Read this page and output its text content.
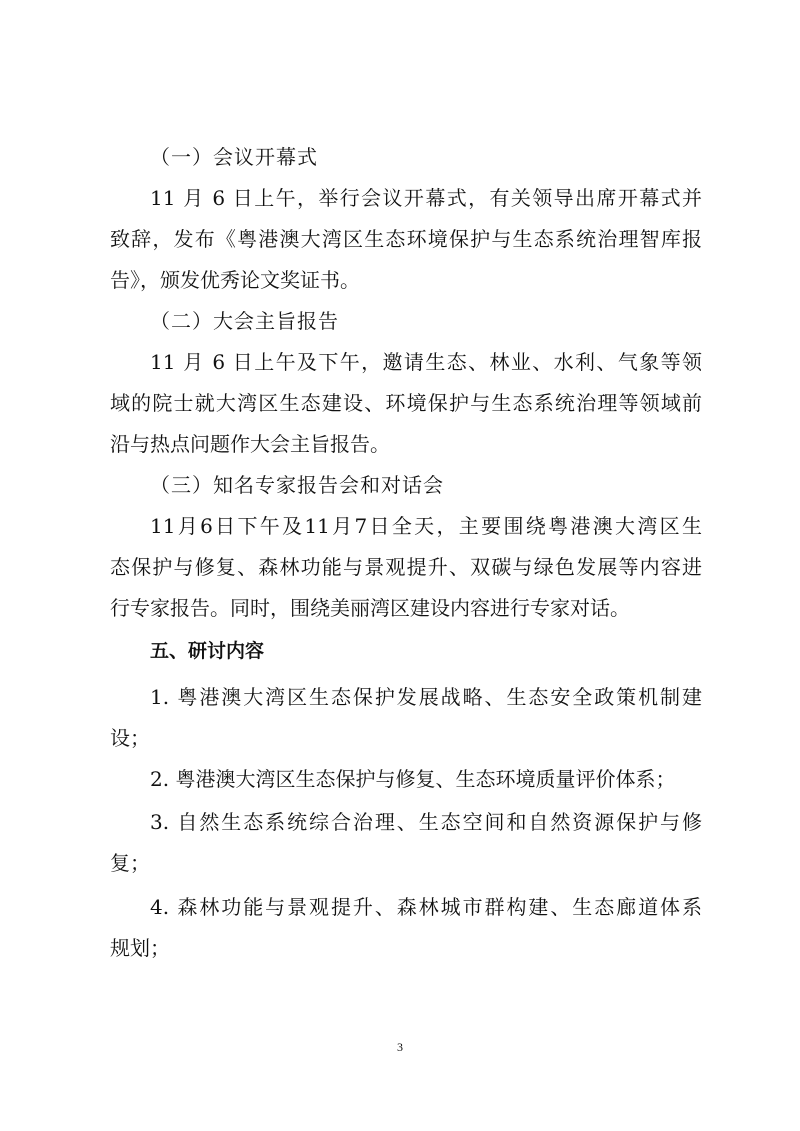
（一）会议开幕式
11 月 6 日上午，举行会议开幕式，有关领导出席开幕式并
致辞，发布《粤港澳大湾区生态环境保护与生态系统治理智库报
告》，颁发优秀论文奖证书。
（二）大会主旨报告
11 月 6 日上午及下午，邀请生态、林业、水利、气象等领
域的院士就大湾区生态建设、环境保护与生态系统治理等领域前
沿与热点问题作大会主旨报告。
（三）知名专家报告会和对话会
11月6日下午及11月7日全天，主要围绕粤港澳大湾区生
态保护与修复、森林功能与景观提升、双碳与绿色发展等内容进
行专家报告。同时，围绕美丽湾区建设内容进行专家对话。
五、研讨内容
1. 粤港澳大湾区生态保护发展战略、生态安全政策机制建
设；
2. 粤港澳大湾区生态保护与修复、生态环境质量评价体系；
3. 自然生态系统综合治理、生态空间和自然资源保护与修
复；
4. 森林功能与景观提升、森林城市群构建、生态廊道体系
规划；
3
